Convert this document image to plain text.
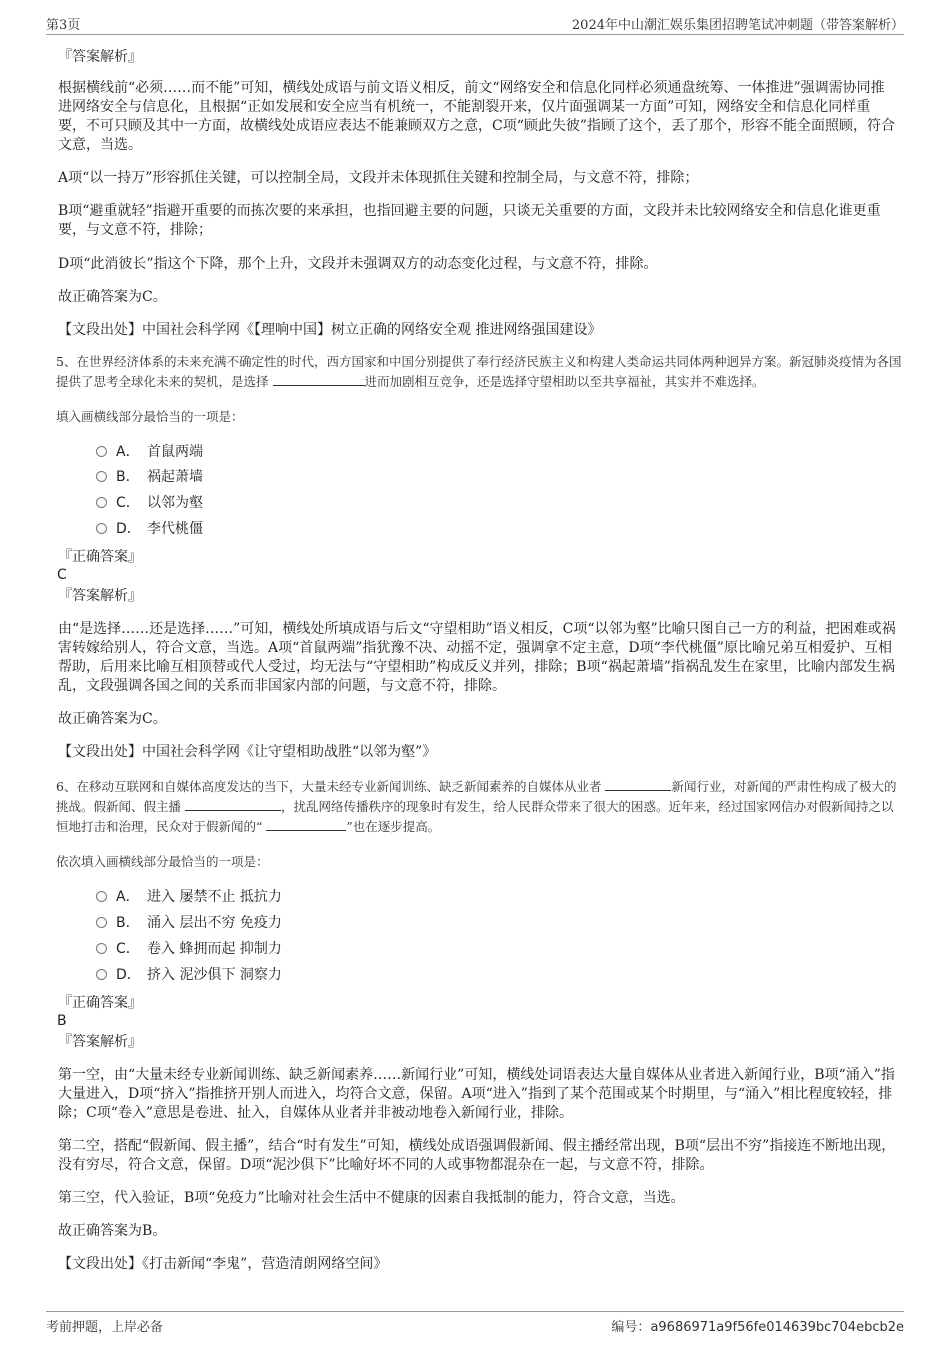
第3页	2024年中山潮汇娱乐集团招聘笔试冲刺题（带答案解析）
『答案解析』

根据横线前“必须……而不能”可知，横线处成语与前文语义相反，前文“网络安全和信息化同样必须通盘统筹、一体推进”强调需协同推进网络安全与信息化，且根据“正如发展和安全应当有机统一，不能割裂开来，仅片面强调某一方面”可知，网络安全和信息化同样重要，不可只顾及其中一方面，故横线处成语应表达不能兼顾双方之意，C项“顾此失彼”指顾了这个，丢了那个，形容不能全面照顾，符合文意，当选。

A项“以一持万”形容抓住关键，可以控制全局，文段并未体现抓住关键和控制全局，与文意不符，排除；

B项“避重就轻”指避开重要的而拣次要的来承担，也指回避主要的问题，只谈无关重要的方面，文段并未比较网络安全和信息化谁更重要，与文意不符，排除；

D项“此消彼长”指这个下降，那个上升，文段并未强调双方的动态变化过程，与文意不符，排除。

故正确答案为C。

【文段出处】中国社会科学网《【理响中国】树立正确的网络安全观 推进网络强国建设》

5、在世界经济体系的未来充满不确定性的时代，西方国家和中国分别提供了奉行经济民族主义和构建人类命运共同体两种迥异方案。新冠肺炎疫情为各国提供了思考全球化未来的契机，是选择	进而加剧相互竞争，还是选择守望相助以至共享福祉，其实并不难选择。

填入画横线部分最恰当的一项是：
A． 首鼠两端
B． 祸起萧墙
C． 以邻为壑
D． 李代桃僵
『正确答案』
C
『答案解析』

由“是选择……还是选择……”可知，横线处所填成语与后文“守望相助”语义相反，C项“以邻为壑”比喻只图自己一方的利益，把困难或祸害转嫁给别人，符合文意，当选。A项“首鼠两端”指犹豫不决、动摇不定，强调拿不定主意，D项“李代桃僵”原比喻兄弟互相爱护、互相帮助，后用来比喻互相顶替或代人受过，均无法与“守望相助”构成反义并列，排除；B项“祸起萧墙”指祸乱发生在家里，比喻内部发生祸乱，文段强调各国之间的关系而非国家内部的问题，与文意不符，排除。

故正确答案为C。

【文段出处】中国社会科学网《让守望相助战胜“以邻为壑”》

6、在移动互联网和自媒体高度发达的当下，大量未经专业新闻训练、缺乏新闻素养的自媒体从业者	新闻行业，对新闻的严肃性构成了极大的挑战。假新闻、假主播	，扰乱网络传播秩序的现象时有发生，给人民群众带来了很大的困惑。近年来，经过国家网信办对假新闻持之以恒地打击和治理，民众对于假新闻的“	”也在逐步提高。

依次填入画横线部分最恰当的一项是：
A． 进入 屡禁不止 抵抗力
B． 涌入 层出不穷 免疫力
C． 卷入 蜂拥而起 抑制力
D． 挤入 泥沙俱下 洞察力
『正确答案』
B
『答案解析』

第一空，由“大量未经专业新闻训练、缺乏新闻素养……新闻行业”可知，横线处词语表达大量自媒体从业者进入新闻行业，B项“涌入”指大量进入，D项“挤入”指推挤开别人而进入，均符合文意，保留。A项“进入”指到了某个范围或某个时期里，与“涌入”相比程度较轻，排除；C项“卷入”意思是卷进、扯入，自媒体从业者并非被动地卷入新闻行业，排除。

第二空，搭配“假新闻、假主播”，结合“时有发生”可知，横线处成语强调假新闻、假主播经常出现，B项“层出不穷”指接连不断地出现，没有穷尽，符合文意，保留。D项“泥沙俱下”比喻好坏不同的人或事物都混杂在一起，与文意不符，排除。

第三空，代入验证，B项“免疫力”比喻对社会生活中不健康的因素自我抵制的能力，符合文意，当选。

故正确答案为B。

【文段出处】《打击新闻“李鬼”，营造清朗网络空间》

考前押题，上岸必备	编号：a9686971a9f56fe014639bc704ebcb2e
